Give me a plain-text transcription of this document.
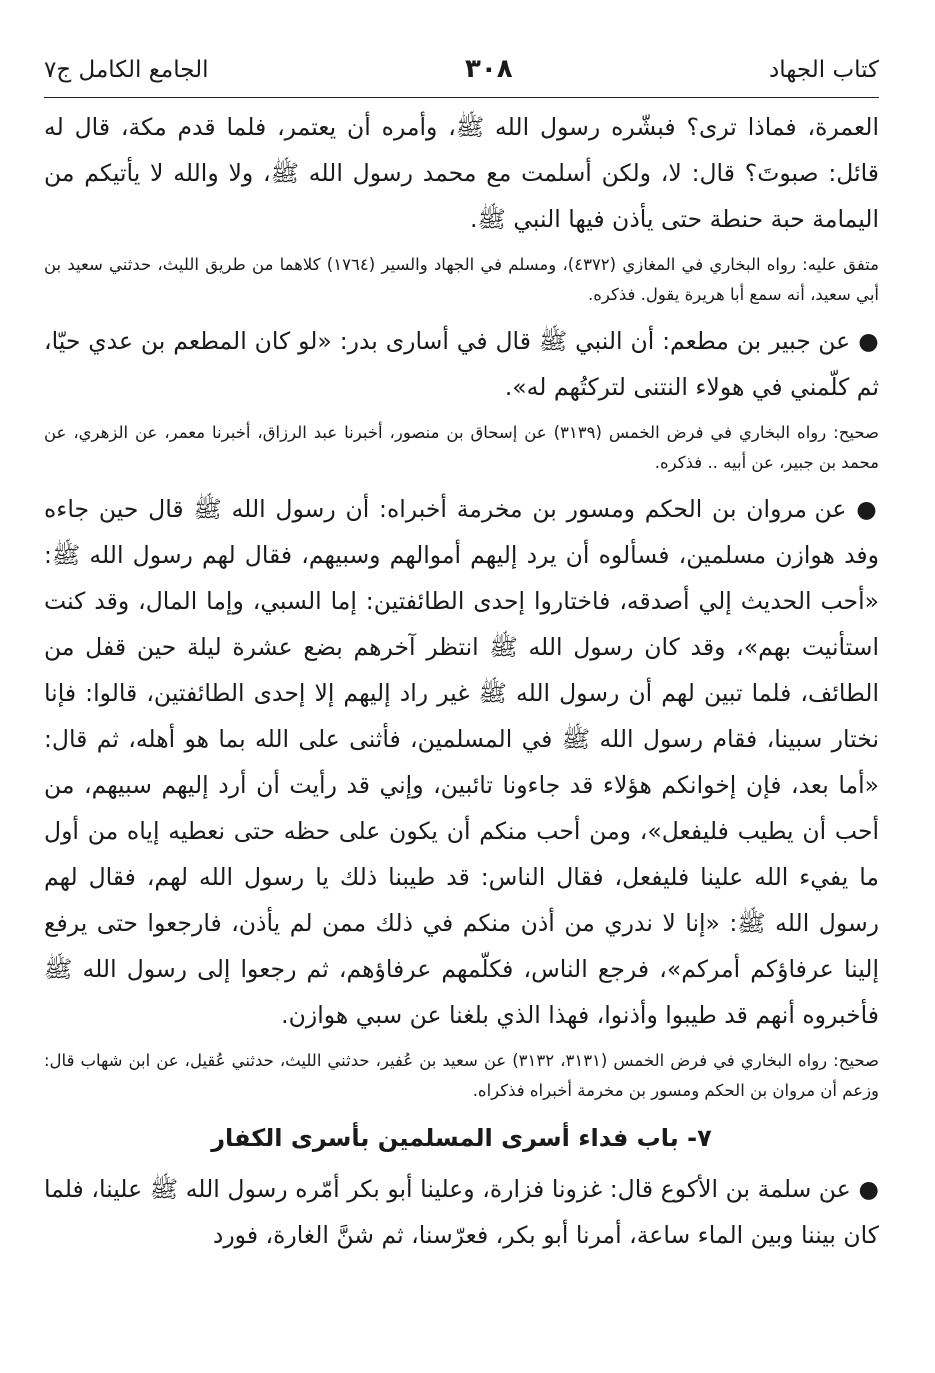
كتاب الجهاد
٣٠٨
الجامع الكامل ج٧

العمرة، فماذا ترى؟ فبشّره رسول الله ﷺ، وأمره أن يعتمر، فلما قدم مكة، قال له قائل: صبوتَ؟ قال: لا، ولكن أسلمت مع محمد رسول الله ﷺ، ولا والله لا يأتيكم من اليمامة حبة حنطة حتى يأذن فيها النبي ﷺ.

متفق عليه: رواه البخاري في المغازي (٤٣٧٢)، ومسلم في الجهاد والسير (١٧٦٤) كلاهما من طريق الليث، حدثني سعيد بن أبي سعيد، أنه سمع أبا هريرة يقول. فذكره.

● عن جبير بن مطعم: أن النبي ﷺ قال في أسارى بدر: «لو كان المطعم بن عدي حيّا، ثم كلّمني في هولاء النتنى لتركتُهم له».

صحيح: رواه البخاري في فرض الخمس (٣١٣٩) عن إسحاق بن منصور، أخبرنا عبد الرزاق، أخبرنا معمر، عن الزهري، عن محمد بن جبير، عن أبيه .. فذكره.

● عن مروان بن الحكم ومسور بن مخرمة أخبراه: أن رسول الله ﷺ قال حين جاءه وفد هوازن مسلمين، فسألوه أن يرد إليهم أموالهم وسبيهم، فقال لهم رسول الله ﷺ: «أحب الحديث إلي أصدقه، فاختاروا إحدى الطائفتين: إما السبي، وإما المال، وقد كنت استأنيت بهم»، وقد كان رسول الله ﷺ انتظر آخرهم بضع عشرة ليلة حين قفل من الطائف، فلما تبين لهم أن رسول الله ﷺ غير راد إليهم إلا إحدى الطائفتين، قالوا: فإنا نختار سبينا، فقام رسول الله ﷺ في المسلمين، فأثنى على الله بما هو أهله، ثم قال: «أما بعد، فإن إخوانكم هؤلاء قد جاءونا تائبين، وإني قد رأيت أن أرد إليهم سبيهم، من أحب أن يطيب فليفعل»، ومن أحب منكم أن يكون على حظه حتى نعطيه إياه من أول ما يفيء الله علينا فليفعل، فقال الناس: قد طيبنا ذلك يا رسول الله لهم، فقال لهم رسول الله ﷺ: «إنا لا ندري من أذن منكم في ذلك ممن لم يأذن، فارجعوا حتى يرفع إلينا عرفاؤكم أمركم»، فرجع الناس، فكلّمهم عرفاؤهم، ثم رجعوا إلى رسول الله ﷺ فأخبروه أنهم قد طيبوا وأذنوا، فهذا الذي بلغنا عن سبي هوازن.

صحيح: رواه البخاري في فرض الخمس (٣١٣١، ٣١٣٢) عن سعيد بن عُفير، حدثني الليث، حدثني عُقيل، عن ابن شهاب قال: وزعم أن مروان بن الحكم ومسور بن مخرمة أخبراه فذكراه.

٧- باب فداء أسرى المسلمين بأسرى الكفار

● عن سلمة بن الأكوع قال: غزونا فزارة، وعلينا أبو بكر أمّره رسول الله ﷺ علينا، فلما كان بيننا وبين الماء ساعة، أمرنا أبو بكر، فعرّسنا، ثم شنَّ الغارة، فورد
